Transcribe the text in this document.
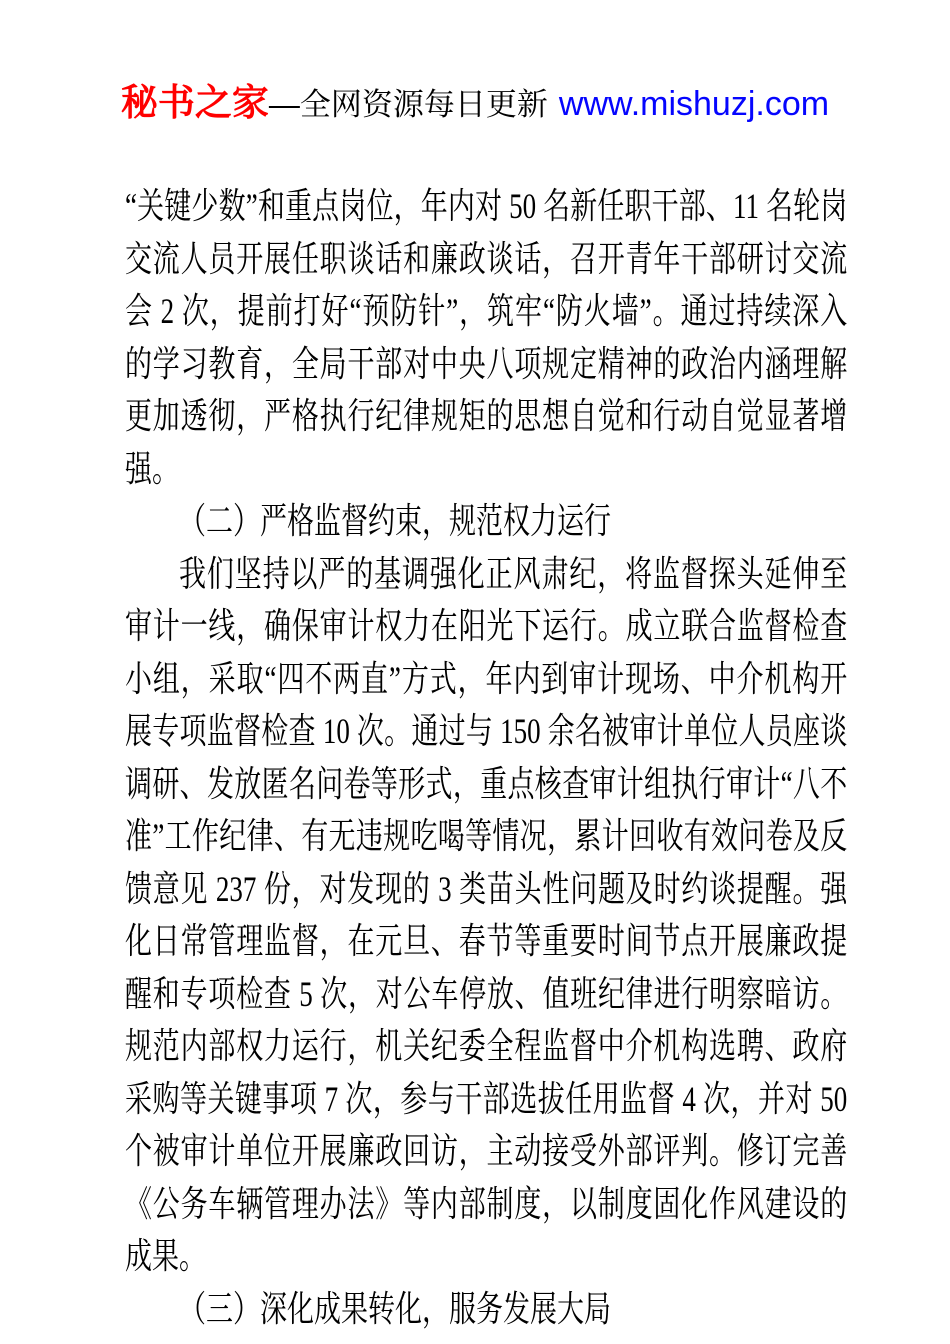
秘书之家—全网资源每日更新 www.mishuzj.com

“关键少数”和重点岗位，年内对 50 名新任职干部、11 名轮岗交流人员开展任职谈话和廉政谈话，召开青年干部研讨交流会 2 次，提前打好“预防针”，筑牢“防火墙”。通过持续深入的学习教育，全局干部对中央八项规定精神的政治内涵理解更加透彻，严格执行纪律规矩的思想自觉和行动自觉显著增强。

（二）严格监督约束，规范权力运行

我们坚持以严的基调强化正风肃纪，将监督探头延伸至审计一线，确保审计权力在阳光下运行。成立联合监督检查小组，采取“四不两直”方式，年内到审计现场、中介机构开展专项监督检查 10 次。通过与 150 余名被审计单位人员座谈调研、发放匿名问卷等形式，重点核查审计组执行审计“八不准”工作纪律、有无违规吃喝等情况，累计回收有效问卷及反馈意见 237 份，对发现的 3 类苗头性问题及时约谈提醒。强化日常管理监督，在元旦、春节等重要时间节点开展廉政提醒和专项检查 5 次，对公车停放、值班纪律进行明察暗访。规范内部权力运行，机关纪委全程监督中介机构选聘、政府采购等关键事项 7 次，参与干部选拔任用监督 4 次，并对 50 个被审计单位开展廉政回访，主动接受外部评判。修订完善《公务车辆管理办法》等内部制度，以制度固化作风建设的成果。

（三）深化成果转化，服务发展大局
